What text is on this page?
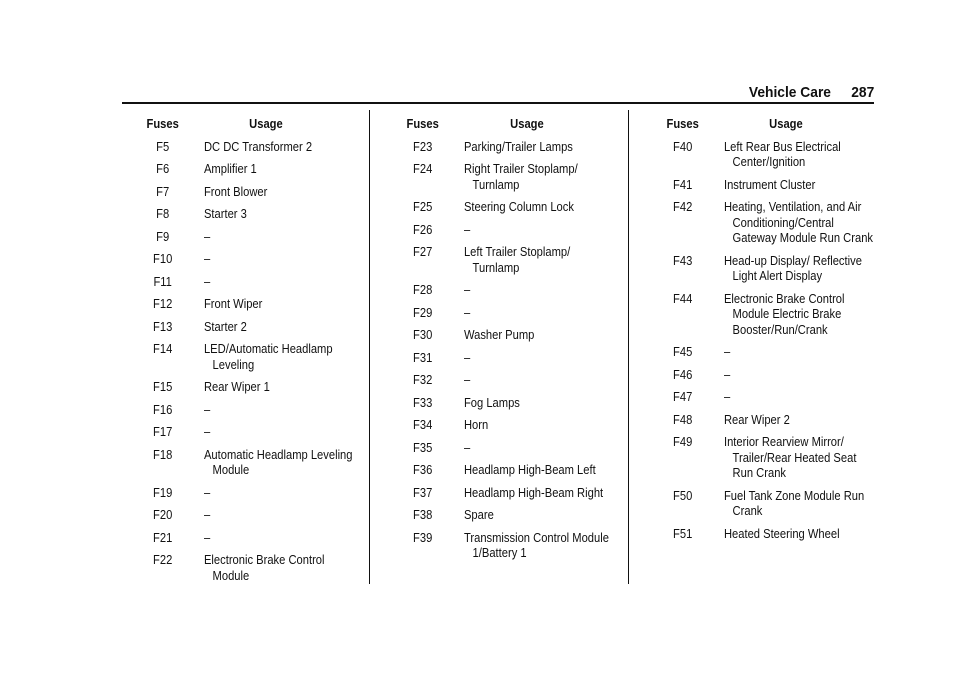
Vehicle Care 287
Fuses	Usage
F5	DC DC Transformer 2
F6	Amplifier 1
F7	Front Blower
F8	Starter 3
F9	–
F10	–
F11	–
F12	Front Wiper
F13	Starter 2
F14	LED/Automatic Headlamp Leveling
F15	Rear Wiper 1
F16	–
F17	–
F18	Automatic Headlamp Leveling Module
F19	–
F20	–
F21	–
F22	Electronic Brake Control Module
Fuses	Usage
F23	Parking/Trailer Lamps
F24	Right Trailer Stoplamp/ Turnlamp
F25	Steering Column Lock
F26	–
F27	Left Trailer Stoplamp/ Turnlamp
F28	–
F29	–
F30	Washer Pump
F31	–
F32	–
F33	Fog Lamps
F34	Horn
F35	–
F36	Headlamp High-Beam Left
F37	Headlamp High-Beam Right
F38	Spare
F39	Transmission Control Module 1/Battery 1
Fuses	Usage
F40	Left Rear Bus Electrical Center/Ignition
F41	Instrument Cluster
F42	Heating, Ventilation, and Air Conditioning/Central Gateway Module Run Crank
F43	Head-up Display/ Reflective Light Alert Display
F44	Electronic Brake Control Module Electric Brake Booster/Run/Crank
F45	–
F46	–
F47	–
F48	Rear Wiper 2
F49	Interior Rearview Mirror/ Trailer/Rear Heated Seat Run Crank
F50	Fuel Tank Zone Module Run Crank
F51	Heated Steering Wheel
